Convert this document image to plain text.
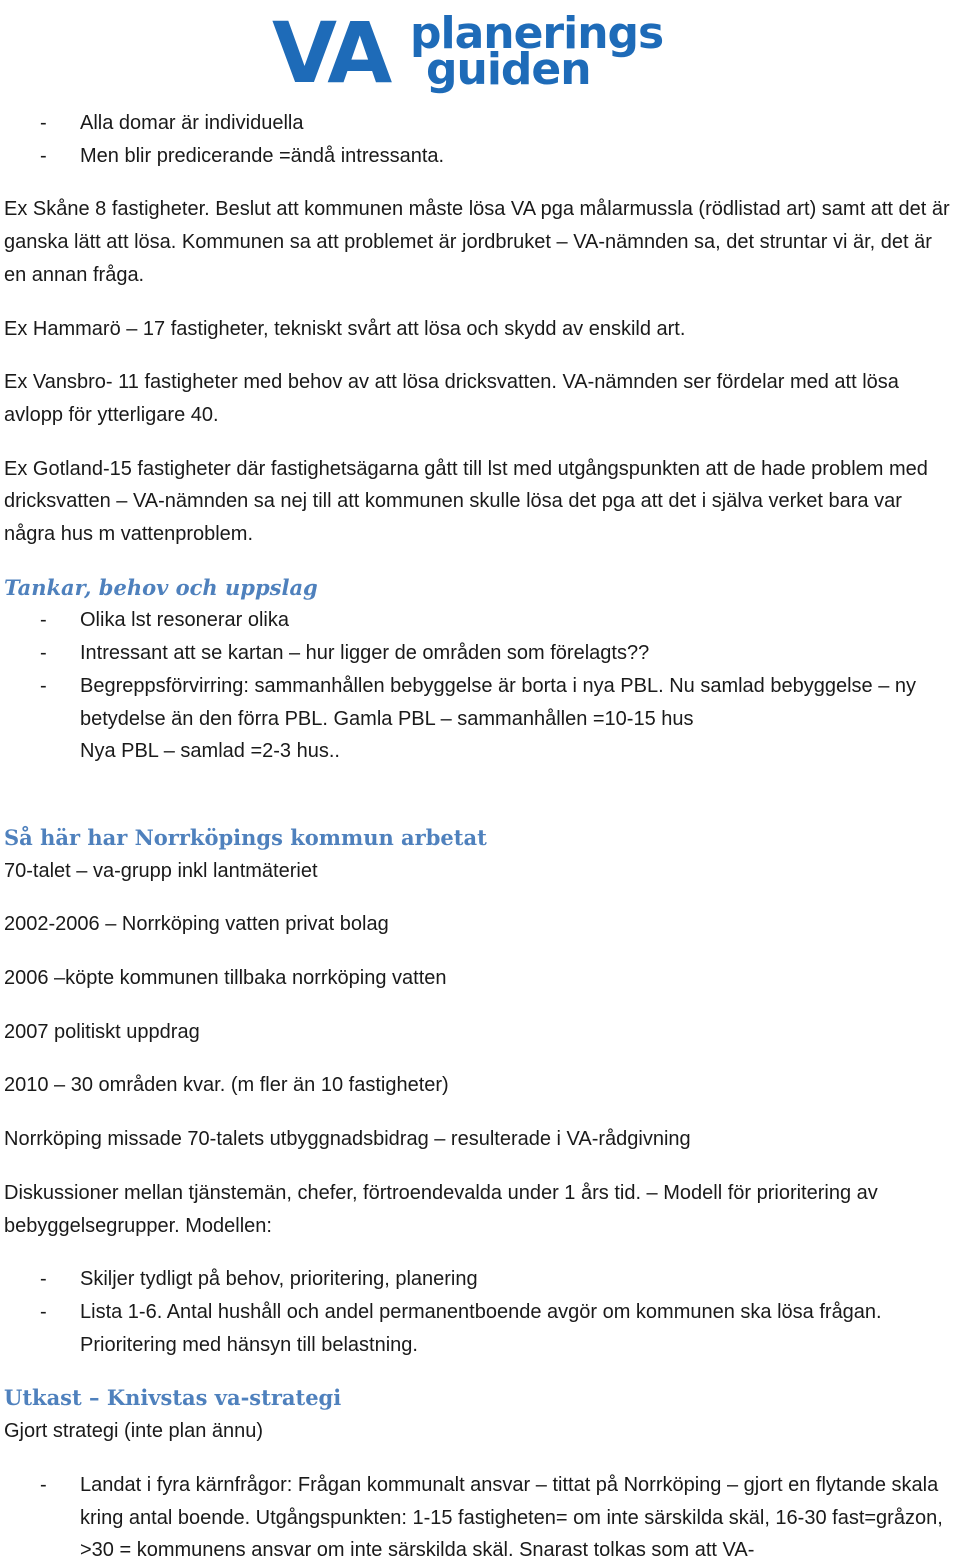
VA planerings
guiden
- Alla domar är individuella
- Men blir predicerande =ändå intressanta.

Ex Skåne 8 fastigheter. Beslut att kommunen måste lösa VA pga målarmussla (rödlistad art) samt att det är ganska lätt att lösa. Kommunen sa att problemet är jordbruket – VA-nämnden sa, det struntar vi är, det är en annan fråga.

Ex Hammarö – 17 fastigheter, tekniskt svårt att lösa och skydd av enskild art.

Ex Vansbro- 11 fastigheter med behov av att lösa dricksvatten. VA-nämnden ser fördelar med att lösa avlopp för ytterligare 40.

Ex Gotland-15 fastigheter där fastighetsägarna gått till lst med utgångspunkten att de hade problem med dricksvatten – VA-nämnden sa nej till att kommunen skulle lösa det pga att det i själva verket bara var några hus m vattenproblem.

Tankar, behov och uppslag
- Olika lst resonerar olika
- Intressant att se kartan – hur ligger de områden som förelagts??
- Begreppsförvirring: sammanhållen bebyggelse är borta i nya PBL. Nu samlad bebyggelse – ny betydelse än den förra PBL. Gamla PBL – sammanhållen =10-15 hus
Nya PBL – samlad =2-3 hus..
Så här har Norrköpings kommun arbetat

70-talet – va-grupp inkl lantmäteriet

2002-2006 – Norrköping vatten privat bolag

2006 –köpte kommunen tillbaka norrköping vatten

2007 politiskt uppdrag

2010 – 30 områden kvar. (m fler än 10 fastigheter)

Norrköping missade 70-talets utbyggnadsbidrag – resulterade i VA-rådgivning

Diskussioner mellan tjänstemän, chefer, förtroendevalda under 1 års tid. – Modell för prioritering av bebyggelsegrupper. Modellen:

- Skiljer tydligt på behov, prioritering, planering
- Lista 1-6. Antal hushåll och andel permanentboende avgör om kommunen ska lösa frågan. Prioritering med hänsyn till belastning.
Utkast – Knivstas va-strategi

Gjort strategi (inte plan ännu)

- Landat i fyra kärnfrågor: Frågan kommunalt ansvar – tittat på Norrköping – gjort en flytande skala kring antal boende. Utgångspunkten: 1-15 fastigheten= om inte särskilda skäl, 16-30 fast=gråzon, >30 = kommunens ansvar om inte särskilda skäl. Snarast tolkas som att VA-
